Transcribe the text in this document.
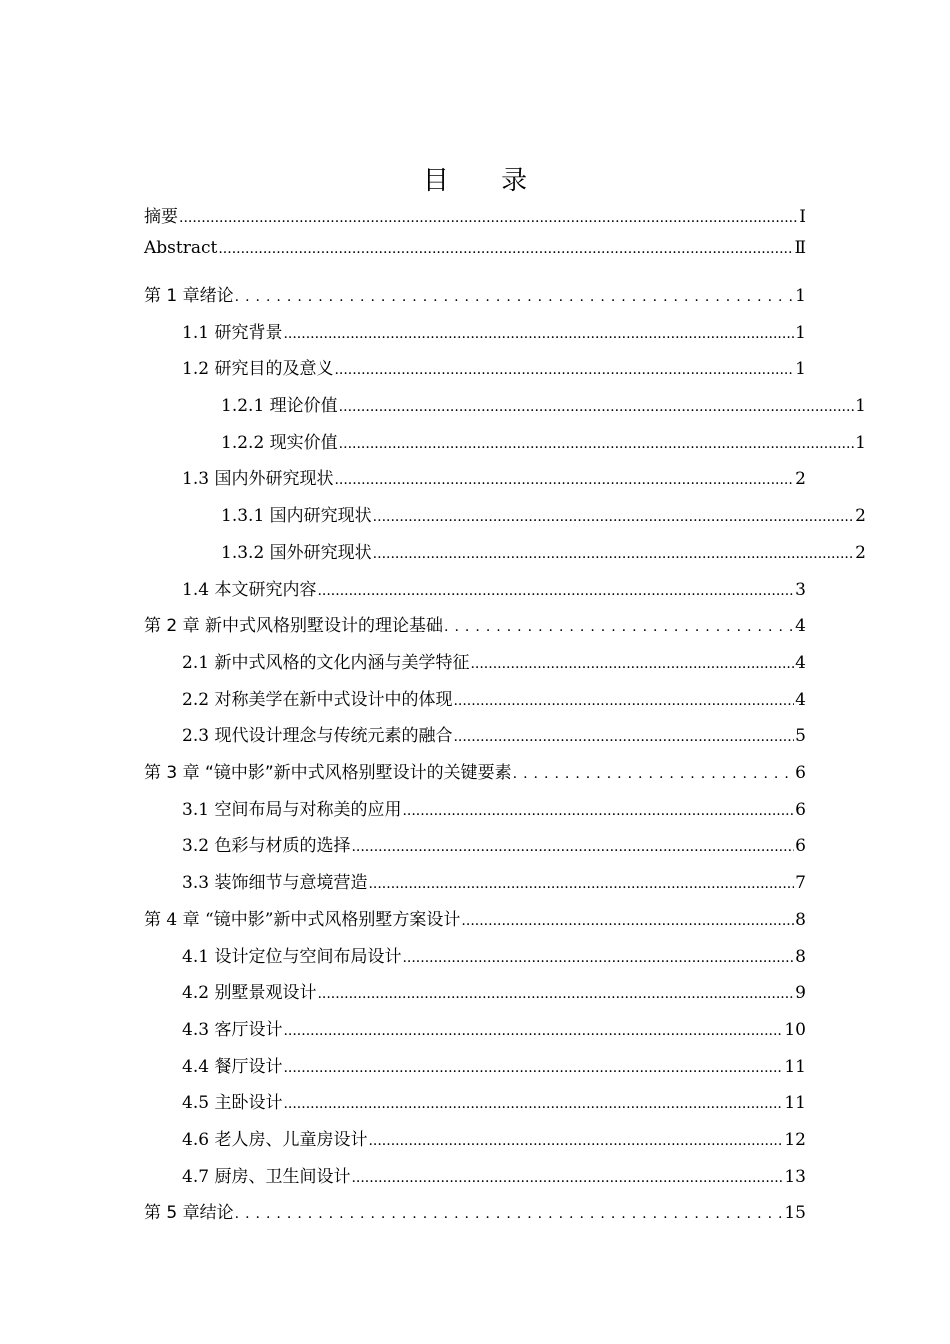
目 录
摘要 .....	I
Abstract .....	Ⅱ
第 1 章绪论 .....	1
1.1 研究背景 .....	1
1.2 研究目的及意义 .....	1
1.2.1 理论价值 .....	1
1.2.2 现实价值 .....	1
1.3 国内外研究现状 .....	2
1.3.1 国内研究现状 .....	2
1.3.2 国外研究现状 .....	2
1.4 本文研究内容 .....	3
第 2 章 新中式风格别墅设计的理论基础 .....	4
2.1 新中式风格的文化内涵与美学特征 .....	4
2.2 对称美学在新中式设计中的体现 .....	4
2.3 现代设计理念与传统元素的融合 .....	5
第 3 章 “镜中影”新中式风格别墅设计的关键要素 .....	6
3.1 空间布局与对称美的应用 .....	6
3.2 色彩与材质的选择 .....	6
3.3 装饰细节与意境营造 .....	7
第 4 章 “镜中影”新中式风格别墅方案设计 .....	8
4.1 设计定位与空间布局设计 .....	8
4.2 别墅景观设计 .....	9
4.3 客厅设计 .....	10
4.4 餐厅设计 .....	11
4.5 主卧设计 .....	11
4.6 老人房、儿童房设计 .....	12
4.7 厨房、卫生间设计 .....	13
第 5 章结论 .....	15
